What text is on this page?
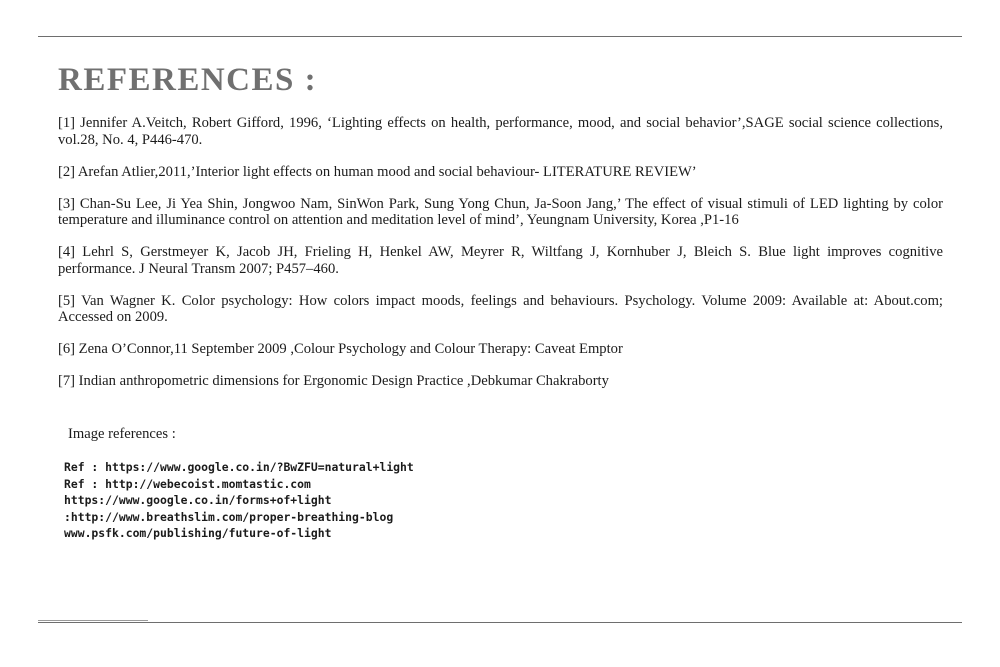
REFERENCES :
[1] Jennifer A.Veitch, Robert Gifford, 1996, ‘Lighting effects on health, performance, mood, and social behavior’,SAGE social science collections, vol.28, No. 4, P446-470.
[2] Arefan Atlier,2011,’Interior light effects on human mood and social behaviour- LITERATURE REVIEW’
[3] Chan-Su Lee, Ji Yea Shin, Jongwoo Nam, SinWon Park, Sung Yong Chun, Ja-Soon Jang,’ The effect of visual stimuli of LED lighting by color temperature and illuminance control on attention and meditation level of mind’, Yeungnam University, Korea ,P1-16
[4] Lehrl S, Gerstmeyer K, Jacob JH, Frieling H, Henkel AW, Meyrer R, Wiltfang J, Kornhuber J, Bleich S. Blue light improves cognitive performance. J Neural Transm 2007; P457–460.
[5] Van Wagner K. Color psychology: How colors impact moods, feelings and behaviours. Psychology. Volume 2009: Available at: About.com; Accessed on 2009.
[6] Zena O’Connor,11 September 2009 ,Colour Psychology and Colour Therapy: Caveat Emptor
[7] Indian anthropometric dimensions for Ergonomic Design Practice ,Debkumar Chakraborty
Image references :
Ref : https://www.google.co.in/?BwZFU=natural+light
Ref : http://webecoist.momtastic.com
https://www.google.co.in/forms+of+light
:http://www.breathslim.com/proper-breathing-blog
www.psfk.com/publishing/future-of-light
